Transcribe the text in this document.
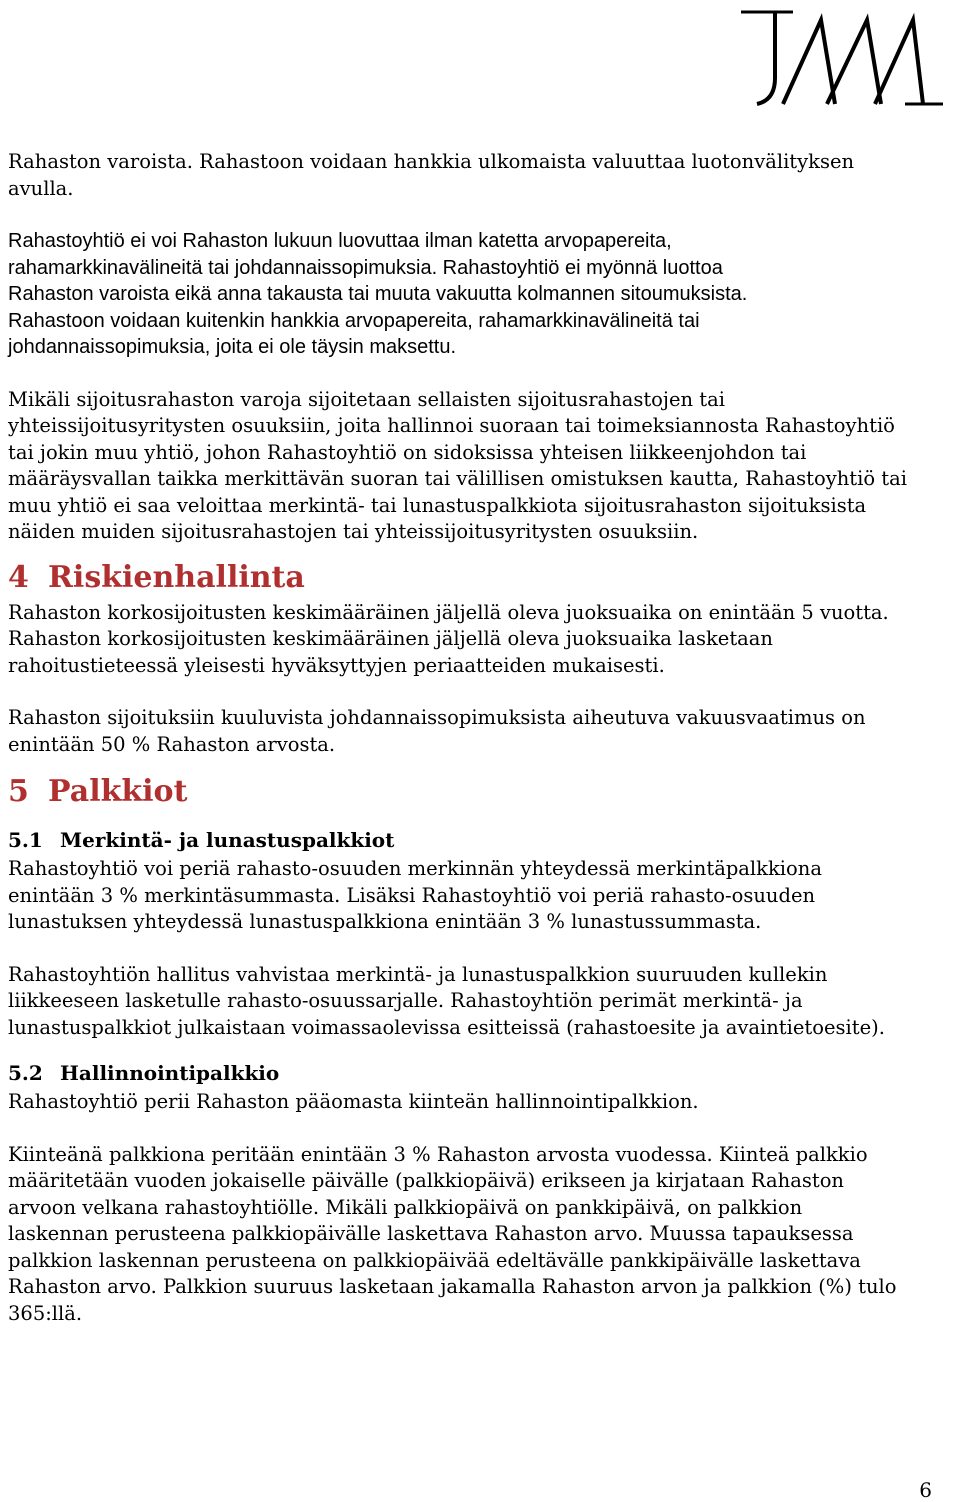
Rahaston varoista. Rahastoon voidaan hankkia ulkomaista valuuttaa luotonvälityksen

avulla.

Rahastoyhtiö ei voi Rahaston lukuun luovuttaa ilman katetta arvopapereita,

rahamarkkinavälineitä tai johdannaissopimuksia. Rahastoyhtiö ei myönnä luottoa

Rahaston varoista eikä anna takausta tai muuta vakuutta kolmannen sitoumuksista.

Rahastoon voidaan kuitenkin hankkia arvopapereita, rahamarkkinavälineitä tai

johdannaissopimuksia, joita ei ole täysin maksettu.

Mikäli sijoitusrahaston varoja sijoitetaan sellaisten sijoitusrahastojen tai

yhteissijoitusyritysten osuuksiin, joita hallinnoi suoraan tai toimeksiannosta Rahastoyhtiö

tai jokin muu yhtiö, johon Rahastoyhtiö on sidoksissa yhteisen liikkeenjohdon tai

määräysvallan taikka merkittävän suoran tai välillisen omistuksen kautta, Rahastoyhtiö tai

muu yhtiö ei saa veloittaa merkintä- tai lunastuspalkkiota sijoitusrahaston sijoituksista

näiden muiden sijoitusrahastojen tai yhteissijoitusyritysten osuuksiin.

4 Riskienhallinta

Rahaston korkosijoitusten keskimääräinen jäljellä oleva juoksuaika on enintään 5 vuotta.

Rahaston korkosijoitusten keskimääräinen jäljellä oleva juoksuaika lasketaan

rahoitustieteessä yleisesti hyväksyttyjen periaatteiden mukaisesti.

Rahaston sijoituksiin kuuluvista johdannaissopimuksista aiheutuva vakuusvaatimus on

enintään 50 % Rahaston arvosta.

5 Palkkiot
5.1 Merkintä- ja lunastuspalkkiot

Rahastoyhtiö voi periä rahasto-osuuden merkinnän yhteydessä merkintäpalkkiona

enintään 3 % merkintäsummasta. Lisäksi Rahastoyhtiö voi periä rahasto-osuuden

lunastuksen yhteydessä lunastuspalkkiona enintään 3 % lunastussummasta.

Rahastoyhtiön hallitus vahvistaa merkintä- ja lunastuspalkkion suuruuden kullekin

liikkeeseen lasketulle rahasto-osuussarjalle. Rahastoyhtiön perimät merkintä- ja

lunastuspalkkiot julkaistaan voimassaolevissa esitteissä (rahastoesite ja avaintietoesite).

5.2 Hallinnointipalkkio

Rahastoyhtiö perii Rahaston pääomasta kiinteän hallinnointipalkkion.

Kiinteänä palkkiona peritään enintään 3 % Rahaston arvosta vuodessa. Kiinteä palkkio

määritetään vuoden jokaiselle päivälle (palkkiopäivä) erikseen ja kirjataan Rahaston

arvoon velkana rahastoyhtiölle. Mikäli palkkiopäivä on pankkipäivä, on palkkion

laskennan perusteena palkkiopäivälle laskettava Rahaston arvo. Muussa tapauksessa

palkkion laskennan perusteena on palkkiopäivää edeltävälle pankkipäivälle laskettava

Rahaston arvo. Palkkion suuruus lasketaan jakamalla Rahaston arvon ja palkkion (%) tulo

365:llä.

6
